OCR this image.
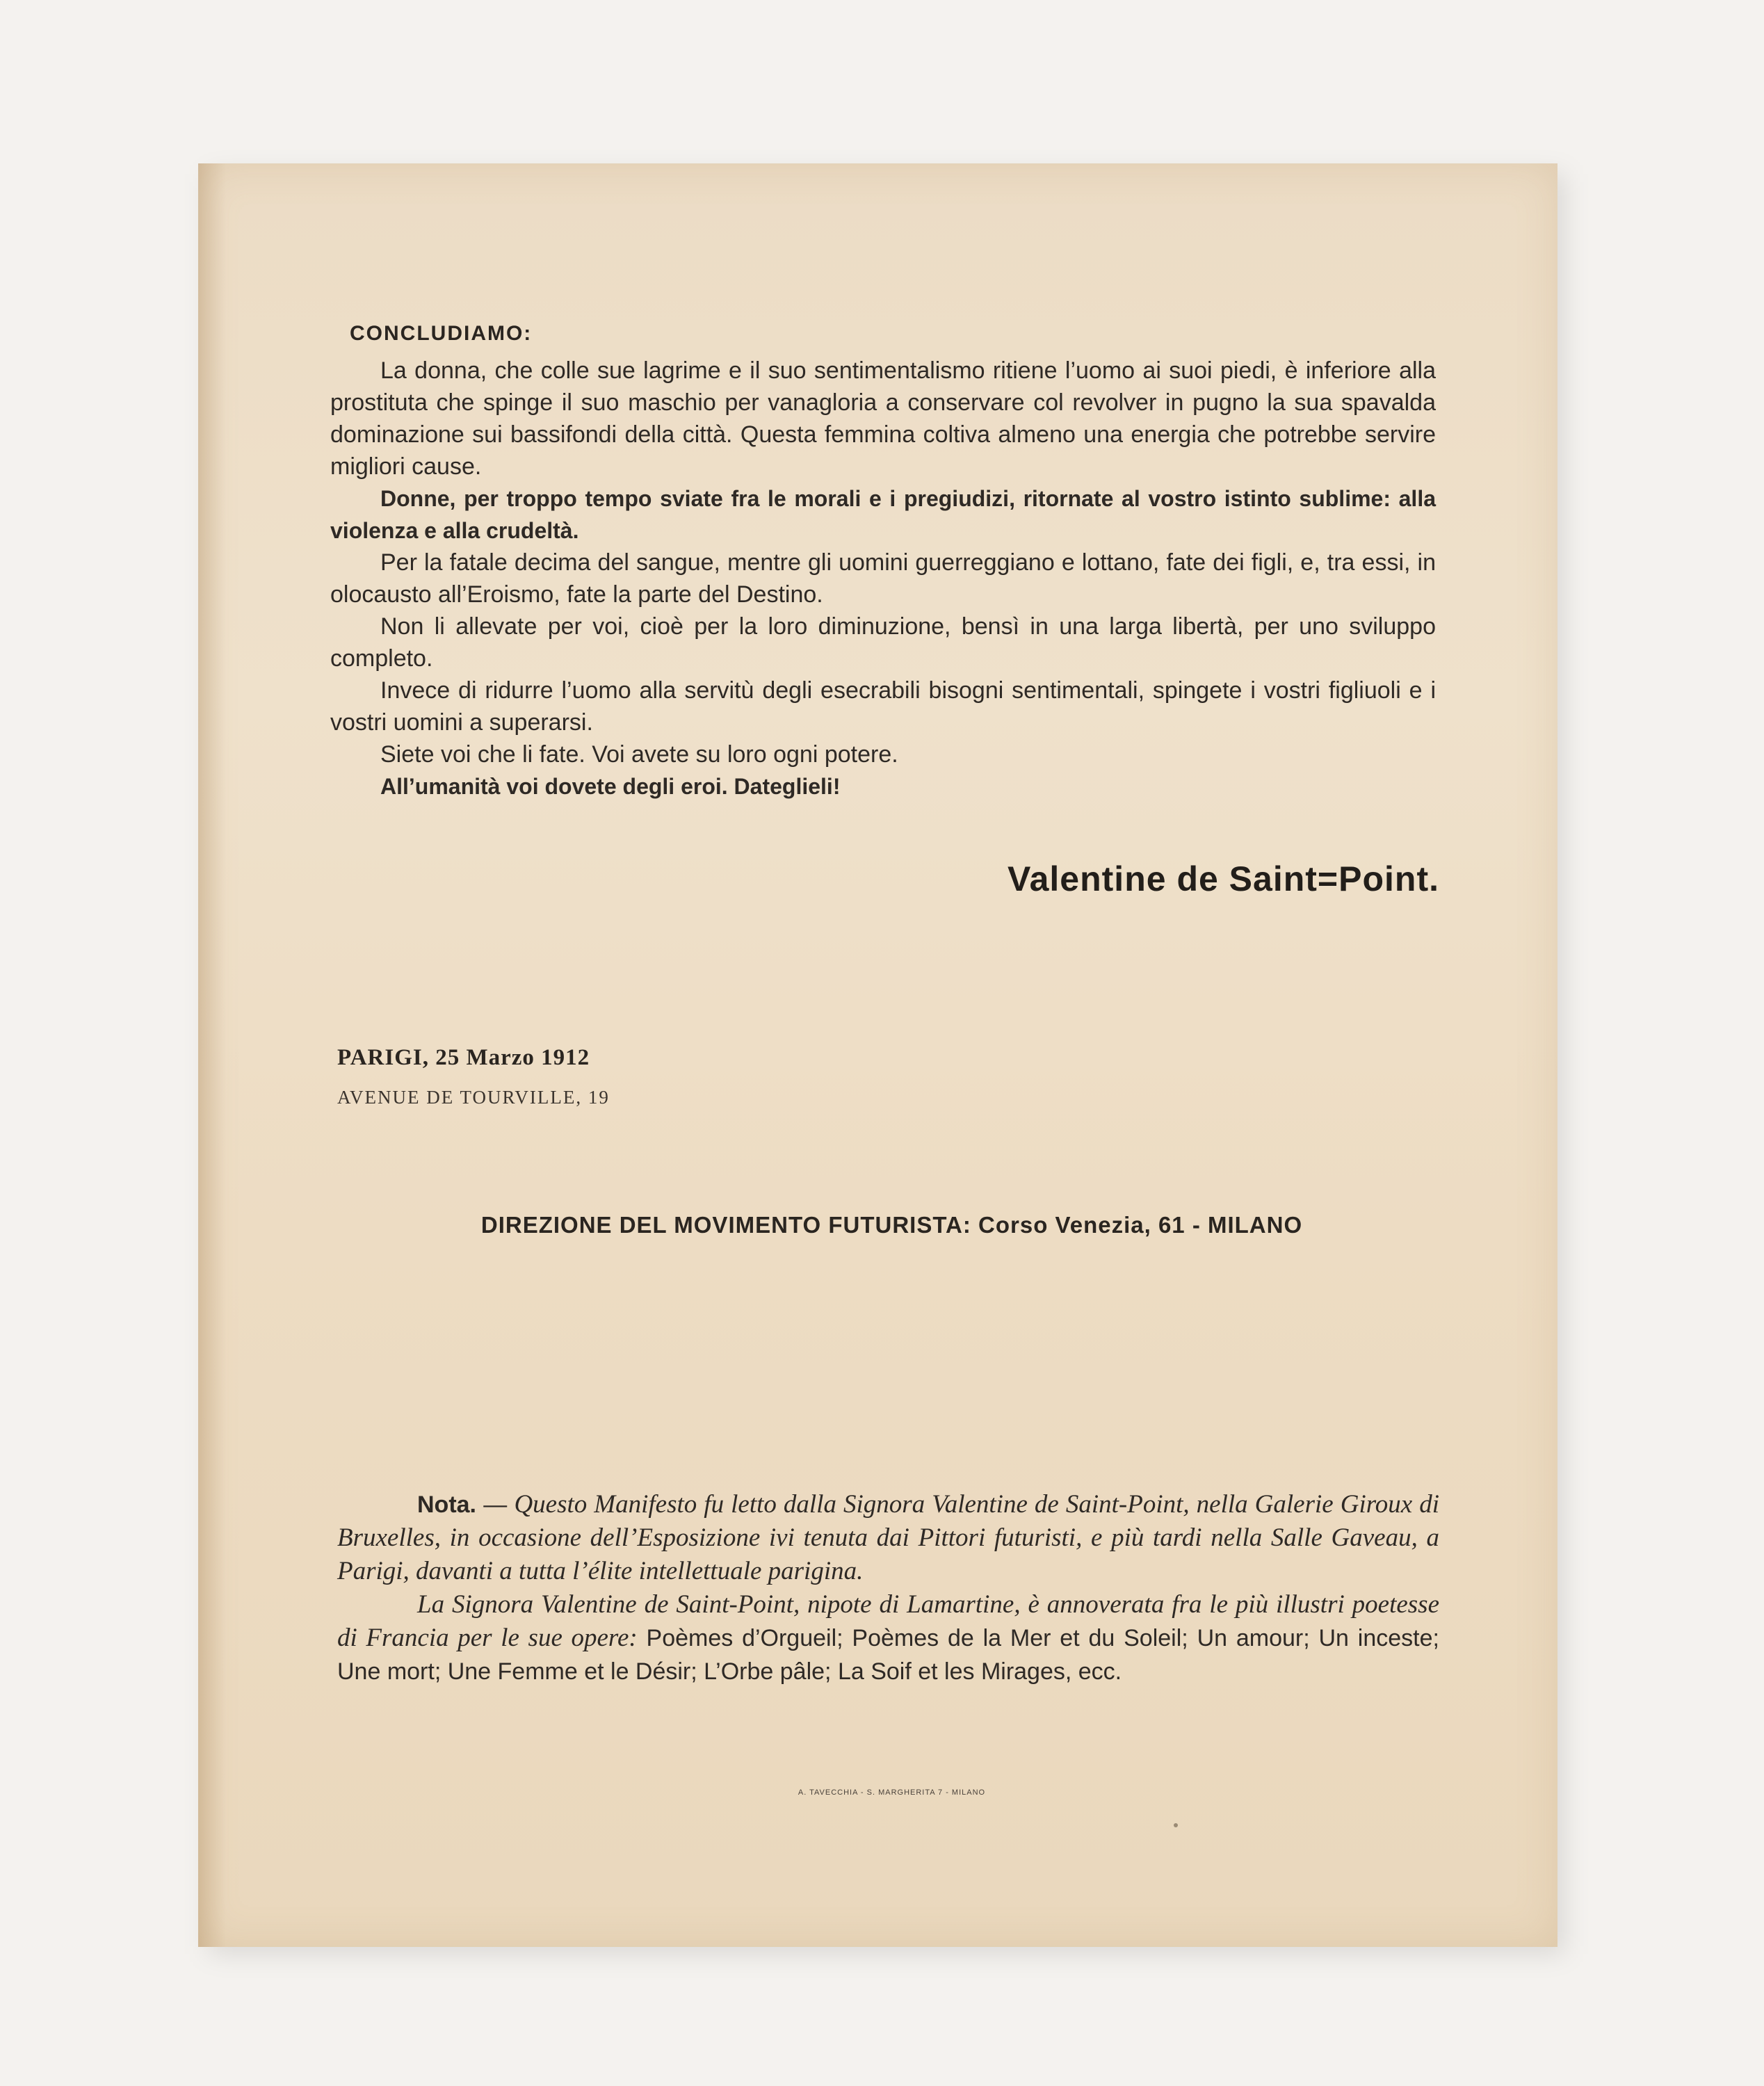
CONCLUDIAMO:

La donna, che colle sue lagrime e il suo sentimentalismo ritiene l’uomo ai suoi piedi, è inferiore alla prostituta che spinge il suo maschio per vanagloria a conservare col revolver in pugno la sua spavalda dominazione sui bassifondi della città. Questa femmina coltiva almeno una energia che potrebbe servire migliori cause.

Donne, per troppo tempo sviate fra le morali e i pregiudizi, ritornate al vostro istinto sublime: alla violenza e alla crudeltà.

Per la fatale decima del sangue, mentre gli uomini guerreggiano e lottano, fate dei figli, e, tra essi, in olocausto all’Eroismo, fate la parte del Destino.

Non li allevate per voi, cioè per la loro diminuzione, bensì in una larga libertà, per uno sviluppo completo.

Invece di ridurre l’uomo alla servitù degli esecrabili bisogni sentimentali, spingete i vostri figliuoli e i vostri uomini a superarsi.

Siete voi che li fate. Voi avete su loro ogni potere.

All’umanità voi dovete degli eroi. Dateglieli!

Valentine de Saint=Point.
PARIGI, 25 Marzo 1912
AVENUE DE TOURVILLE, 19
DIREZIONE DEL MOVIMENTO FUTURISTA: Corso Venezia, 61 - MILANO

Nota. — Questo Manifesto fu letto dalla Signora Valentine de Saint-Point, nella Galerie Giroux di Bruxelles, in occasione dell’Esposizione ivi tenuta dai Pittori futuristi, e più tardi nella Salle Gaveau, a Parigi, davanti a tutta l’élite intellettuale parigina.

La Signora Valentine de Saint-Point, nipote di Lamartine, è annoverata fra le più illustri poetesse di Francia per le sue opere: Poèmes d’Orgueil; Poèmes de la Mer et du Soleil; Un amour; Un inceste; Une mort; Une Femme et le Désir; L’Orbe pâle; La Soif et les Mirages, ecc.

A. TAVECCHIA - S. MARGHERITA 7 - MILANO
